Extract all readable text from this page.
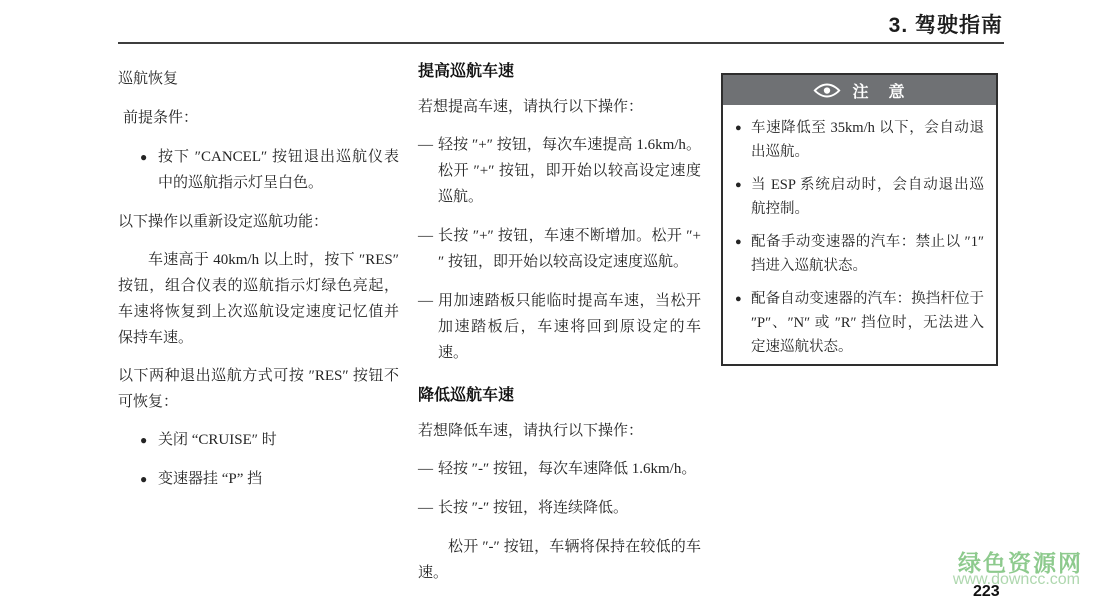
3. 驾驶指南
巡航恢复
前提条件：
● 按下 ″CANCEL″ 按钮退出巡航仪表中的巡航指示灯呈白色。
以下操作以重新设定巡航功能：
车速高于 40km/h 以上时，按下 ″RES″ 按钮，组合仪表的巡航指示灯绿色亮起，车速将恢复到上次巡航设定速度记忆值并保持车速。
以下两种退出巡航方式可按 ″RES″ 按钮不可恢复：
● 关闭 “CRUISE″ 时
● 变速器挂 “P” 挡
提高巡航车速
若想提高车速，请执行以下操作：
— 轻按 ″+″ 按钮，每次车速提高 1.6km/h。松开 ″+″ 按钮，即开始以较高设定速度巡航。
— 长按 ″+″ 按钮，车速不断增加。松开 ″+″ 按钮，即开始以较高设定速度巡航。
— 用加速踏板只能临时提高车速，当松开加速踏板后，车速将回到原设定的车速。
降低巡航车速
若想降低车速，请执行以下操作：
— 轻按 ″-″ 按钮，每次车速降低 1.6km/h。
— 长按 ″-″ 按钮，将连续降低。
松开 ″-″ 按钮，车辆将保持在较低的车速。
注　意
● 车速降低至 35km/h 以下，会自动退出巡航。
● 当 ESP 系统启动时，会自动退出巡航控制。
● 配备手动变速器的汽车：禁止以 ″1″ 挡进入巡航状态。
● 配备自动变速器的汽车：换挡杆位于 ″P″、″N″ 或 ″R″ 挡位时，无法进入定速巡航状态。
绿色资源网
www.downcc.com
223
